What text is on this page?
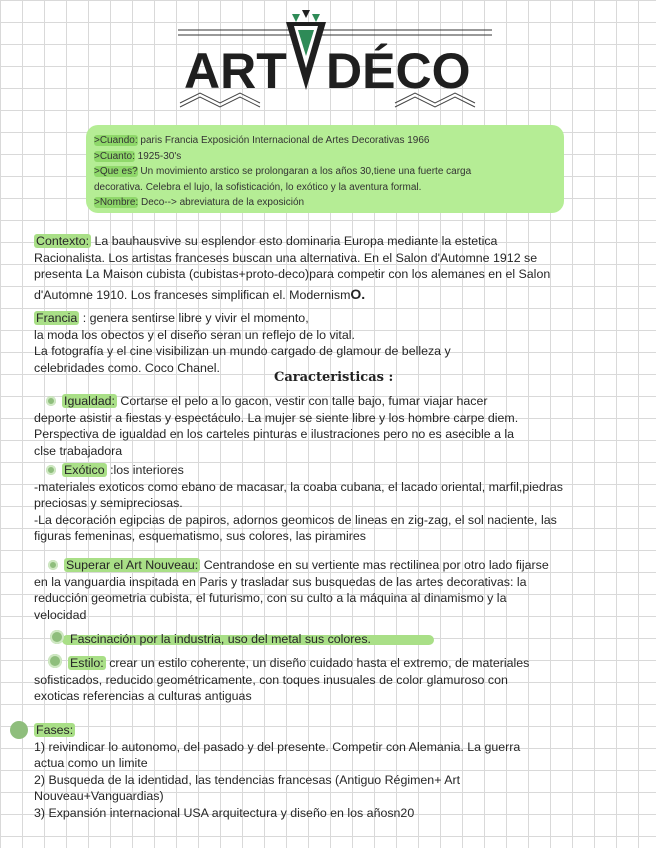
ART DÉCO
>Cuando: paris Francia Exposición Internacional de Artes Decorativas 1966
>Cuanto: 1925-30's
>Que es? Un movimiento arstico se prolongaran a los años 30,tiene una fuerte carga
decorativa. Celebra el lujo, la sofisticación, lo exótico y la aventura formal.
>Nombre: Deco--> abreviatura de la exposición

Contexto: La bauhausvive su esplendor esto dominaria Europa mediante la estetica

Racionalista. Los artistas franceses buscan una alternativa. En el Salon d'Automne 1912 se

presenta La Maison cubista (cubistas+proto-deco)para competir con los alemanes en el Salon

d'Automne 1910. Los franceses simplifican el. ModernismO.

Francia : genera sentirse libre y vivir el momento,

la moda los obectos y el diseño seran un reflejo de lo vital.

La fotografía y el cine visibilizan un mundo cargado de glamour de belleza y

celebridades como. Coco Chanel.

Caracteristicas :

Igualdad: Cortarse el pelo a lo gacon, vestir con talle bajo, fumar viajar hacer

deporte asistir a fiestas y espectáculo. La mujer se siente libre y los hombre carpe diem.

Perspectiva de igualdad en los carteles pinturas e ilustraciones pero no es asecible a la

clse trabajadora

Exótico :los interiores

-materiales exoticos como ebano de macasar, la coaba cubana, el lacado oriental, marfil,piedras

preciosas y semipreciosas.

-La decoración egipcias de papiros, adornos geomicos de lineas en zig-zag, el sol naciente, las

figuras femeninas, esquematismo, sus colores, las piramires

Superar el Art Nouveau: Centrandose en su vertiente mas rectilinea por otro lado fijarse

en la vanguardia inspitada en Paris y trasladar sus busquedas de las artes decorativas: la

reducción geometria cubista, el futurismo, con su culto a la máquina al dinamismo y la

velocidad

Fascinación por la industria, uso del metal sus colores.

Estilo: crear un estilo coherente, un diseño cuidado hasta el extremo, de materiales

sofisticados, reducido geométricamente, con toques inusuales de color glamuroso con

exoticas referencias a culturas antiguas

Fases:

1) reivindicar lo autonomo, del pasado y del presente. Competir con Alemania. La guerra

actua como un limite

2) Busqueda de la identidad, las tendencias francesas (Antiguo Régimen+ Art

Nouveau+Vanguardias)

3) Expansión internacional USA arquitectura y diseño en los añosn20
